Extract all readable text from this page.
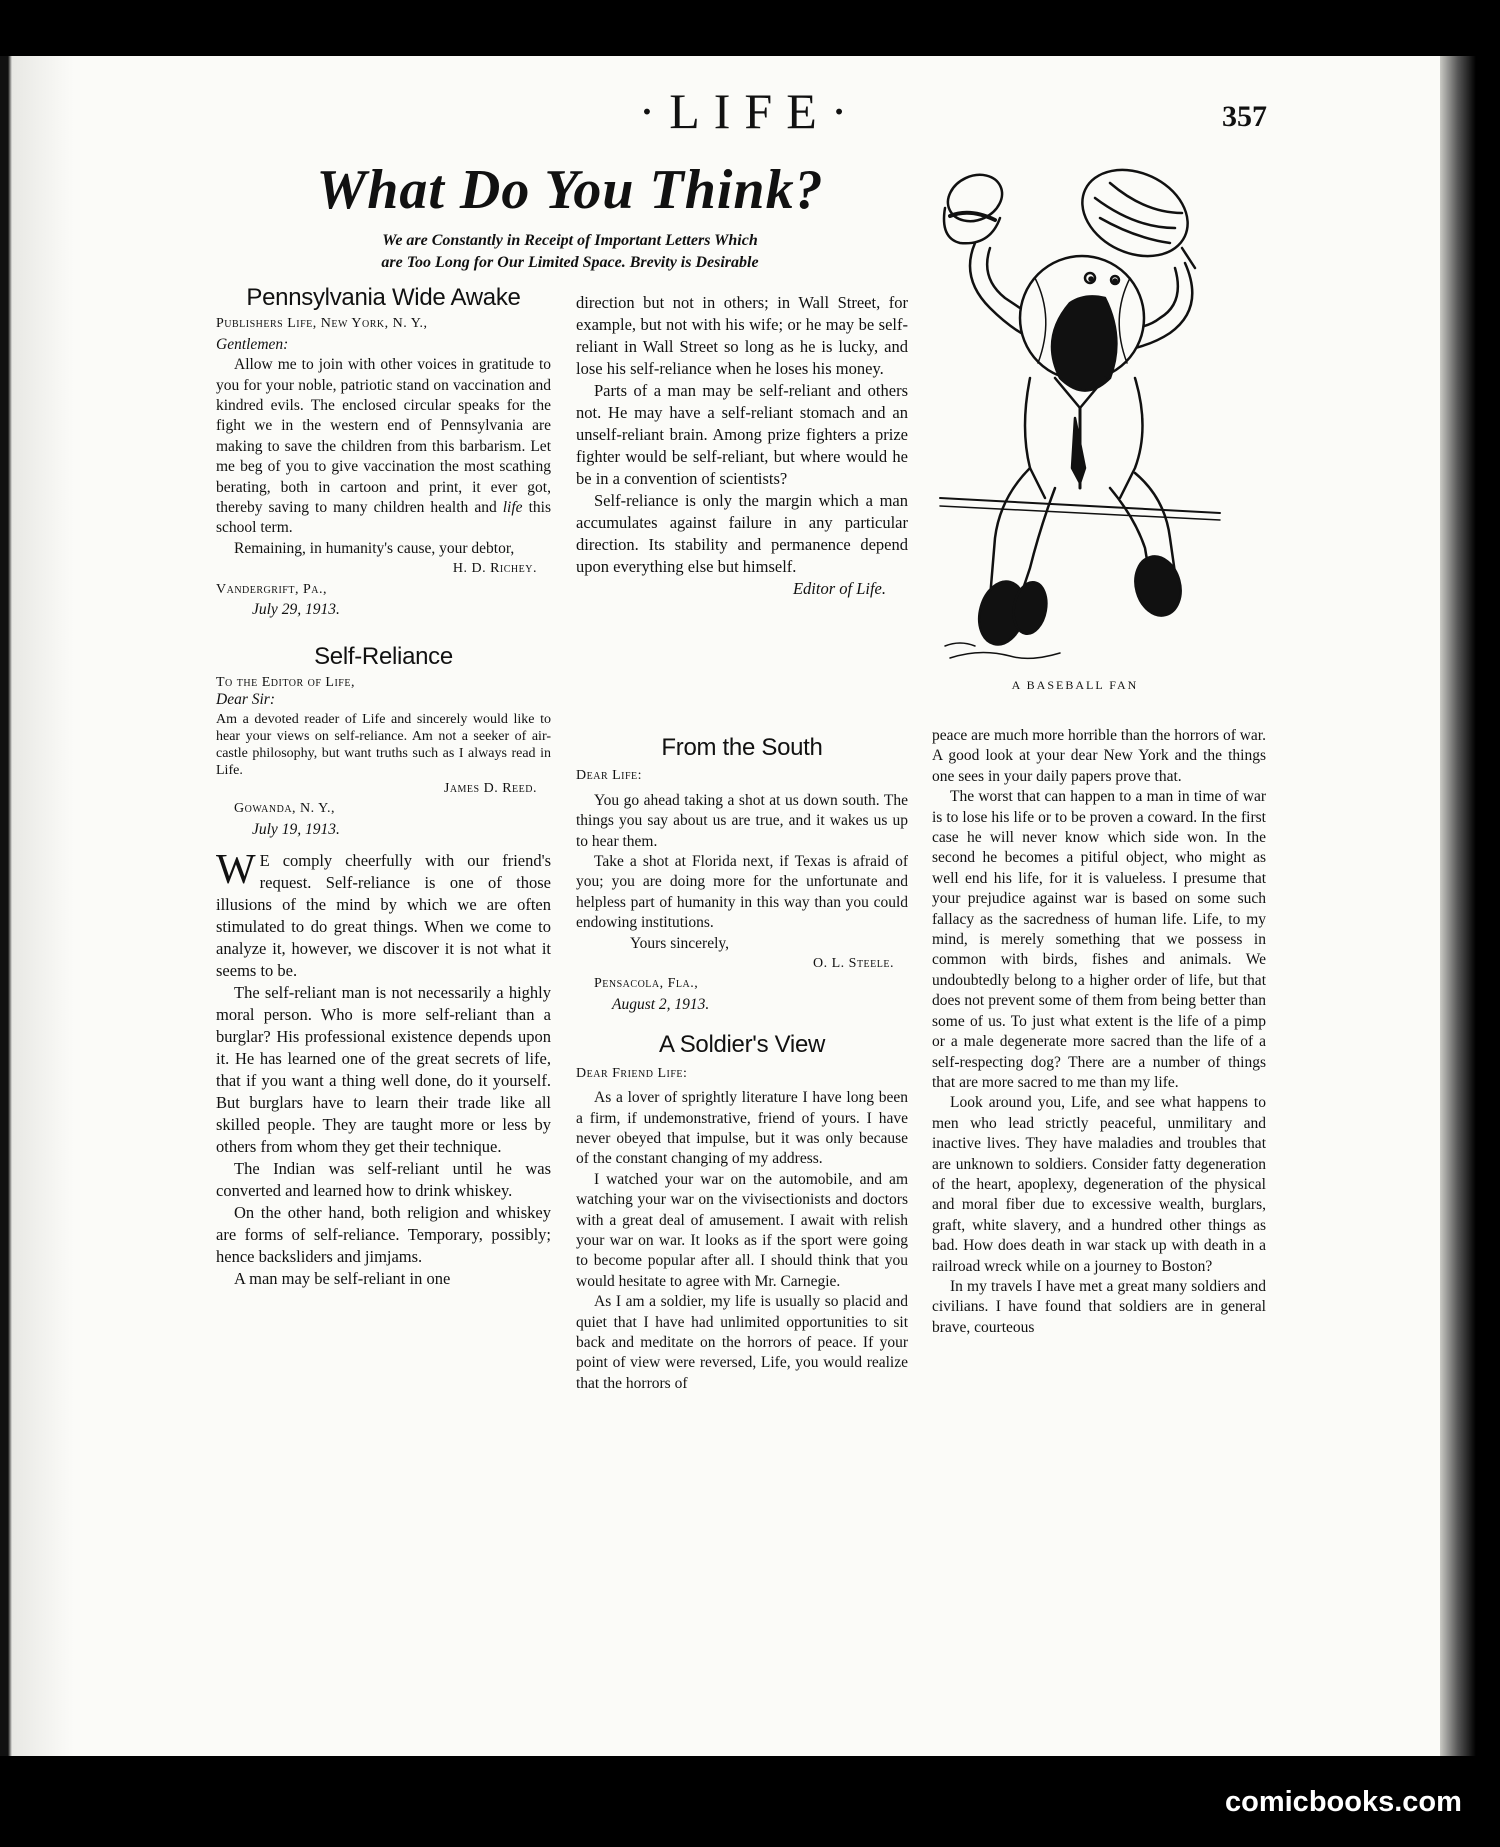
·LIFE·	357
What Do You Think?
We are Constantly in Receipt of Important Letters Which
are Too Long for Our Limited Space. Brevity is Desirable
Pennsylvania Wide Awake

Publishers Life, New York, N. Y.,

Gentlemen:

Allow me to join with other voices in gratitude to you for your noble, patriotic stand on vaccination and kindred evils. The enclosed circular speaks for the fight we in the western end of Pennsylvania are making to save the children from this barbarism. Let me beg of you to give vaccination the most scathing berating, both in cartoon and print, it ever got, thereby saving to many children health and life this school term.

Remaining, in humanity's cause, your debtor,

H. D. Richey.

Vandergrift, Pa.,

July 29, 1913.

Self-Reliance

To the Editor of Life,

Dear Sir:

Am a devoted reader of Life and sincerely would like to hear your views on self-reliance. Am not a seeker of air-castle philosophy, but want truths such as I always read in Life.

James D. Reed.

Gowanda, N. Y.,

July 19, 1913.

W E comply cheerfully with our friend's request. Self-reliance is one of those illusions of the mind by which we are often stimulated to do great things. When we come to analyze it, however, we discover it is not what it seems to be.

The self-reliant man is not necessarily a highly moral person. Who is more self-reliant than a burglar? His professional existence depends upon it. He has learned one of the great secrets of life, that if you want a thing well done, do it yourself. But burglars have to learn their trade like all skilled people. They are taught more or less by others from whom they get their technique.

The Indian was self-reliant until he was converted and learned how to drink whiskey.

On the other hand, both religion and whiskey are forms of self-reliance. Temporary, possibly; hence backsliders and jimjams.

A man may be self-reliant in one

direction but not in others; in Wall Street, for example, but not with his wife; or he may be self-reliant in Wall Street so long as he is lucky, and lose his self-reliance when he loses his money.

Parts of a man may be self-reliant and others not. He may have a self-reliant stomach and an unself-reliant brain. Among prize fighters a prize fighter would be self-reliant, but where would he be in a convention of scientists?

Self-reliance is only the margin which a man accumulates against failure in any particular direction. Its stability and permanence depend upon everything else but himself.

Editor of Life.

From the South

Dear Life:

You go ahead taking a shot at us down south. The things you say about us are true, and it wakes us up to hear them.

Take a shot at Florida next, if Texas is afraid of you; you are doing more for the unfortunate and helpless part of humanity in this way than you could endowing institutions.

Yours sincerely,

O. L. Steele.

Pensacola, Fla.,

August 2, 1913.

A Soldier's View

Dear Friend Life:

As a lover of sprightly literature I have long been a firm, if undemonstrative, friend of yours. I have never obeyed that impulse, but it was only because of the constant changing of my address.

I watched your war on the automobile, and am watching your war on the vivisectionists and doctors with a great deal of amusement. I await with relish your war on war. It looks as if the sport were going to become popular after all. I should think that you would hesitate to agree with Mr. Carnegie.

As I am a soldier, my life is usually so placid and quiet that I have had unlimited opportunities to sit back and meditate on the horrors of peace. If your point of view were reversed, Life, you would realize that the horrors of

peace are much more horrible than the horrors of war. A good look at your dear New York and the things one sees in your daily papers prove that.

The worst that can happen to a man in time of war is to lose his life or to be proven a coward. In the first case he will never know which side won. In the second he becomes a pitiful object, who might as well end his life, for it is valueless. I presume that your prejudice against war is based on some such fallacy as the sacredness of human life. Life, to my mind, is merely something that we possess in common with birds, fishes and animals. We undoubtedly belong to a higher order of life, but that does not prevent some of them from being better than some of us. To just what extent is the life of a pimp or a male degenerate more sacred than the life of a self-respecting dog? There are a number of things that are more sacred to me than my life.

Look around you, Life, and see what happens to men who lead strictly peaceful, unmilitary and inactive lives. They have maladies and troubles that are unknown to soldiers. Consider fatty degeneration of the heart, apoplexy, degeneration of the physical and moral fiber due to excessive wealth, burglars, graft, white slavery, and a hundred other things as bad. How does death in war stack up with death in a railroad wreck while on a journey to Boston?

In my travels I have met a great many soldiers and civilians. I have found that soldiers are in general brave, courteous

A BASEBALL FAN
comicbooks.com
